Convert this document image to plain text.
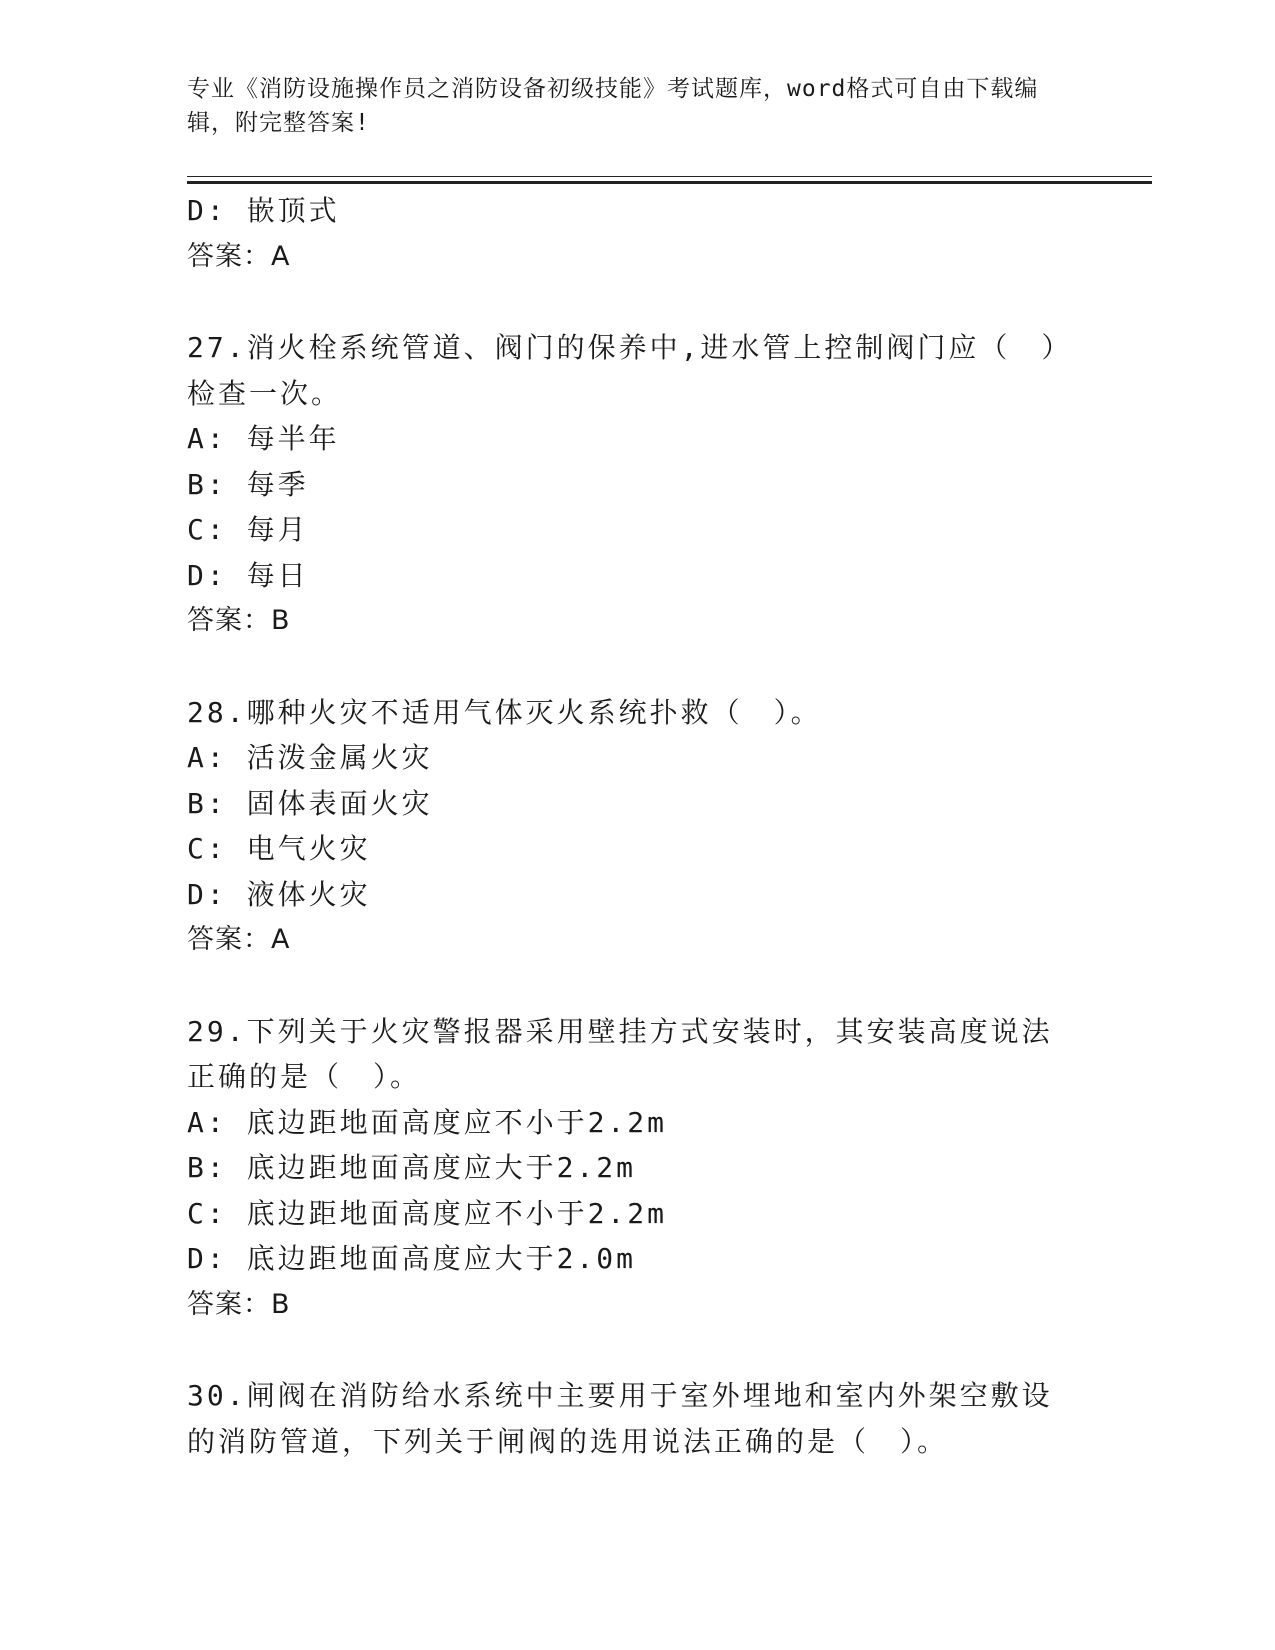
专业《消防设施操作员之消防设备初级技能》考试题库，word格式可自由下载编辑，附完整答案!
D: 嵌顶式
答案：A
27.消火栓系统管道、阀门的保养中,进水管上控制阀门应（　）检查一次。
A: 每半年
B: 每季
C: 每月
D: 每日
答案：B
28.哪种火灾不适用气体灭火系统扑救（　）。
A: 活泼金属火灾
B: 固体表面火灾
C: 电气火灾
D: 液体火灾
答案：A
29.下列关于火灾警报器采用壁挂方式安装时，其安装高度说法正确的是（　）。
A: 底边距地面高度应不小于2.2m
B: 底边距地面高度应大于2.2m
C: 底边距地面高度应不小于2.2m
D: 底边距地面高度应大于2.0m
答案：B
30.闸阀在消防给水系统中主要用于室外埋地和室内外架空敷设的消防管道，下列关于闸阀的选用说法正确的是（　）。
